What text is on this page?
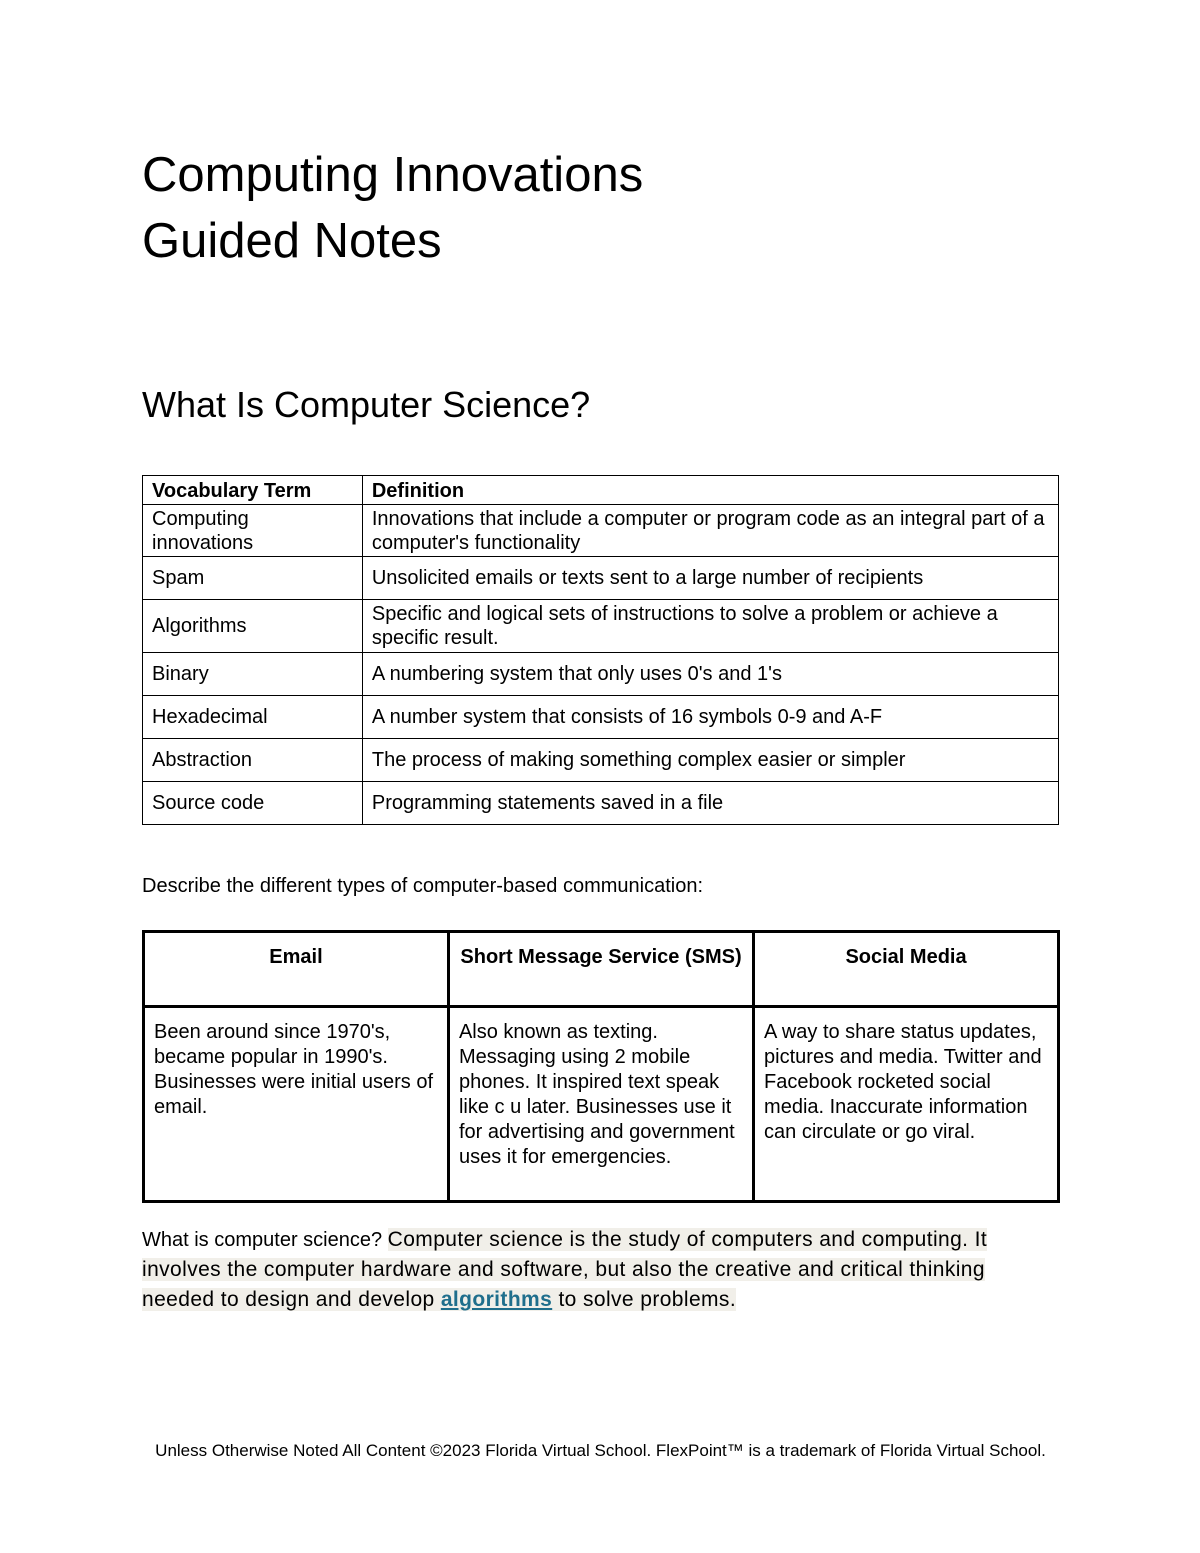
Computing Innovations
Guided Notes
What Is Computer Science?
Vocabulary Term	Definition
Computing innovations	Innovations that include a computer or program code as an integral part of a computer's functionality
Spam	Unsolicited emails or texts sent to a large number of recipients
Algorithms	Specific and logical sets of instructions to solve a problem or achieve a specific result.
Binary	A numbering system that only uses 0's and 1's
Hexadecimal	A number system that consists of 16 symbols 0-9 and A-F
Abstraction	The process of making something complex easier or simpler
Source code	Programming statements saved in a file

Describe the different types of computer-based communication:

Email	Short Message Service (SMS)	Social Media
Been around since 1970's, became popular in 1990's. Businesses were initial users of email.	Also known as texting. Messaging using 2 mobile phones. It inspired text speak like c u later. Businesses use it for advertising and government uses it for emergencies.	A way to share status updates, pictures and media. Twitter and Facebook rocketed social media. Inaccurate information can circulate or go viral.

What is computer science? Computer science is the study of computers and computing. It involves the computer hardware and software, but also the creative and critical thinking needed to design and develop algorithms to solve problems.

Unless Otherwise Noted All Content ©2023 Florida Virtual School. FlexPoint™ is a trademark of Florida Virtual School.
